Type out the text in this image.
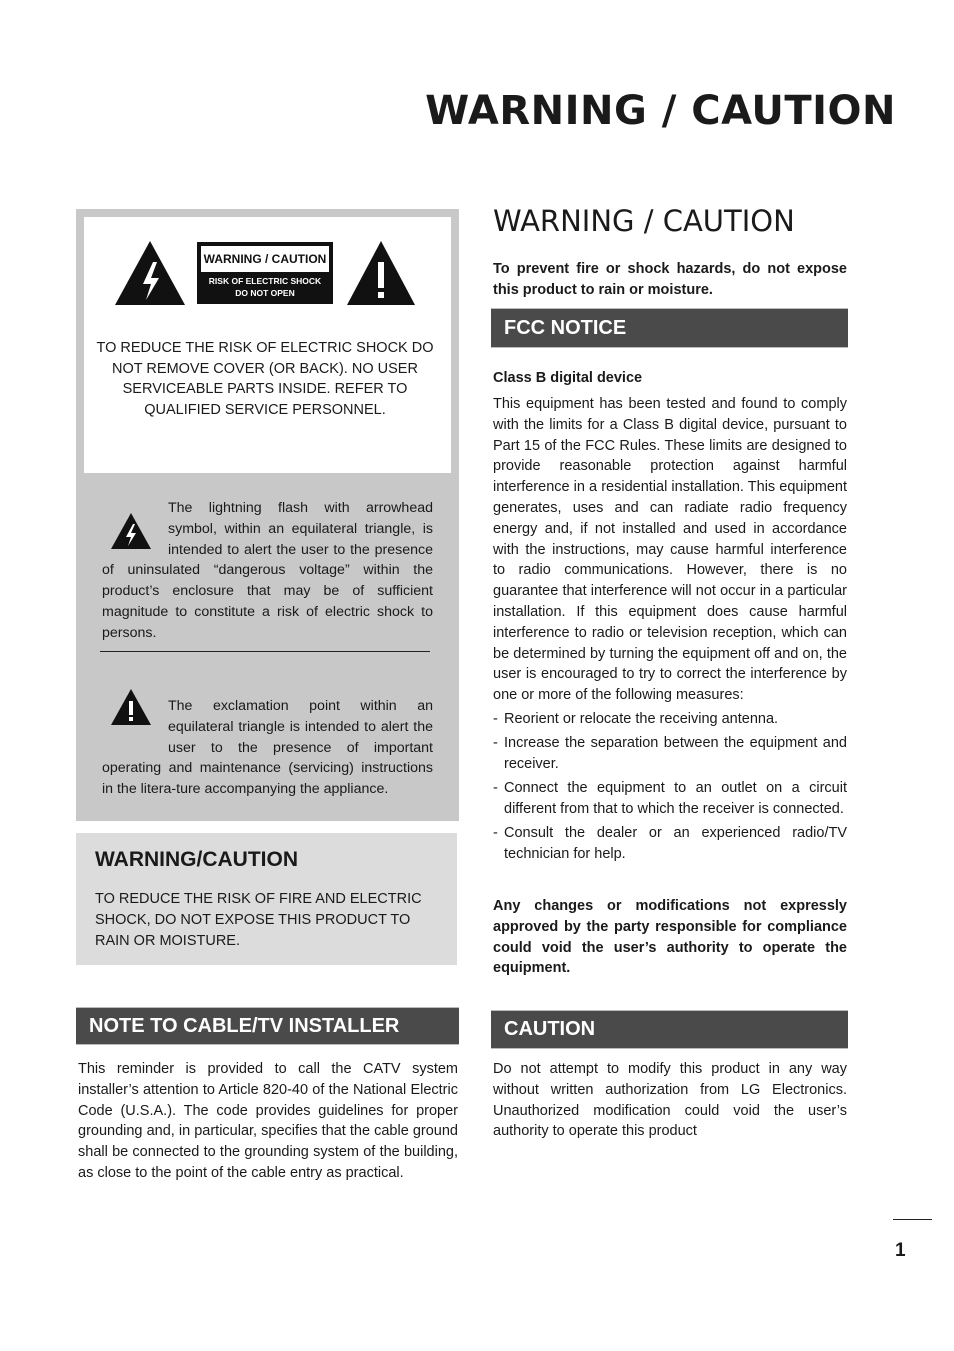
WARNING / CAUTION
WARNING / CAUTION
RISK OF ELECTRIC SHOCK
DO NOT OPEN
TO REDUCE THE RISK OF ELECTRIC SHOCK DO NOT REMOVE COVER (OR BACK). NO USER SERVICEABLE PARTS INSIDE. REFER TO QUALIFIED SERVICE PERSONNEL.
The lightning flash with arrowhead symbol, within an equilateral triangle, is intended to alert the user to the presence of uninsulated “dangerous voltage” within the product’s enclosure that may be of sufficient magnitude to constitute a risk of electric shock to persons.
The exclamation point within an equilateral triangle is intended to alert the user to the presence of important operating and maintenance (servicing) instructions in the litera-ture accompanying the appliance.
WARNING/CAUTION
TO REDUCE THE RISK OF FIRE AND ELECTRIC SHOCK, DO NOT EXPOSE THIS PRODUCT TO RAIN OR MOISTURE.
NOTE TO CABLE/TV INSTALLER
This reminder is provided to call the CATV system installer’s attention to Article 820-40 of the National Electric Code (U.S.A.). The code provides guidelines for proper grounding and, in particular, specifies that the cable ground shall be connected to the grounding system of the building, as close to the point of the cable entry as practical.
WARNING / CAUTION
To prevent fire or shock hazards, do not expose this product to rain or moisture.
FCC NOTICE
Class B digital device
This equipment has been tested and found to comply with the limits for a Class B digital device, pursuant to Part 15 of the FCC Rules. These limits are designed to provide reasonable protection against harmful interference in a residential installation. This equipment generates, uses and can radiate radio frequency energy and, if not installed and used in accordance with the instructions, may cause harmful interference to radio communications. However, there is no guarantee that interference will not occur in a particular installation. If this equipment does cause harmful interference to radio or television reception, which can be determined by turning the equipment off and on, the user is encouraged to try to correct the interference by one or more of the following measures:
- Reorient or relocate the receiving antenna.
- Increase the separation between the equipment and receiver.
- Connect the equipment to an outlet on a circuit different from that to which the receiver is connected.
- Consult the dealer or an experienced radio/TV technician for help.
Any changes or modifications not expressly approved by the party responsible for compliance could void the user’s authority to operate the equipment.
CAUTION
Do not attempt to modify this product in any way without written authorization from LG Electronics. Unauthorized modification could void the user’s authority to operate this product
1
